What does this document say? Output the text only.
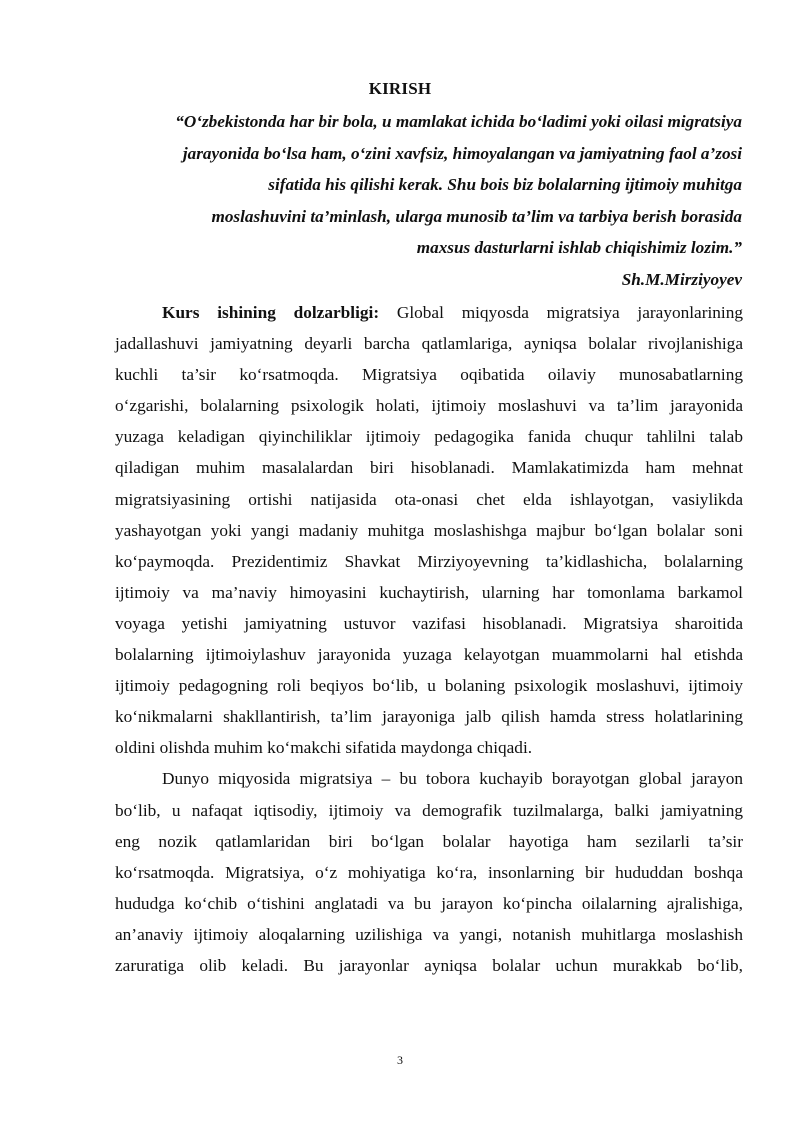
KIRISH
“O‘zbekistonda har bir bola, u mamlakat ichida bo‘ladimi yoki oilasi migratsiya
jarayonida bo‘lsa ham, o‘zini xavfsiz, himoyalangan va jamiyatning faol a’zosi
sifatida his qilishi kerak. Shu bois biz bolalarning ijtimoiy muhitga
moslashuvini ta’minlash, ularga munosib ta’lim va tarbiya berish borasida
maxsus dasturlarni ishlab chiqishimiz lozim.”
Sh.M.Mirziyoyev
Kurs ishining dolzarbligi: Global miqyosda migratsiya jarayonlarining
jadallashuvi jamiyatning deyarli barcha qatlamlariga, ayniqsa bolalar rivojlanishiga
kuchli ta’sir ko‘rsatmoqda. Migratsiya oqibatida oilaviy munosabatlarning
o‘zgarishi, bolalarning psixologik holati, ijtimoiy moslashuvi va ta’lim jarayonida
yuzaga keladigan qiyinchiliklar ijtimoiy pedagogika fanida chuqur tahlilni talab
qiladigan muhim masalalardan biri hisoblanadi. Mamlakatimizda ham mehnat
migratsiyasining ortishi natijasida ota-onasi chet elda ishlayotgan, vasiylikda
yashayotgan yoki yangi madaniy muhitga moslashishga majbur bo‘lgan bolalar soni
ko‘paymoqda. Prezidentimiz Shavkat Mirziyoyevning ta’kidlashicha, bolalarning
ijtimoiy va ma’naviy himoyasini kuchaytirish, ularning har tomonlama barkamol
voyaga yetishi jamiyatning ustuvor vazifasi hisoblanadi. Migratsiya sharoitida
bolalarning ijtimoiylashuv jarayonida yuzaga kelayotgan muammolarni hal etishda
ijtimoiy pedagogning roli beqiyos bo‘lib, u bolaning psixologik moslashuvi, ijtimoiy
ko‘nikmalarni shakllantirish, ta’lim jarayoniga jalb qilish hamda stress holatlarining
oldini olishda muhim ko‘makchi sifatida maydonga chiqadi.
Dunyo miqyosida migratsiya – bu tobora kuchayib borayotgan global jarayon
bo‘lib, u nafaqat iqtisodiy, ijtimoiy va demografik tuzilmalarga, balki jamiyatning
eng nozik qatlamlaridan biri bo‘lgan bolalar hayotiga ham sezilarli ta’sir
ko‘rsatmoqda. Migratsiya, o‘z mohiyatiga ko‘ra, insonlarning bir hududdan boshqa
hududga ko‘chib o‘tishini anglatadi va bu jarayon ko‘pincha oilalarning ajralishiga,
an’anaviy ijtimoiy aloqalarning uzilishiga va yangi, notanish muhitlarga moslashish
zaruratiga olib keladi. Bu jarayonlar ayniqsa bolalar uchun murakkab bo‘lib,
3
